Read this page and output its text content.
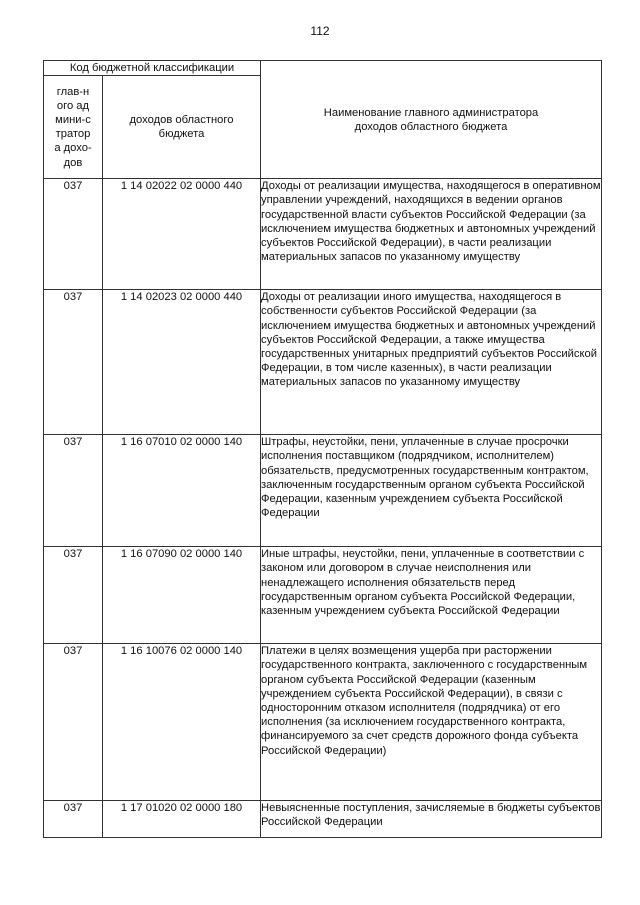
112
Код бюджетной классификации		Наименование главного администратора доходов областного бюджета

глав-ного админи-стратора дохо-дов	доходов областного бюджета	

037	1 14 02022 02 0000 440	Доходы от реализации имущества, находящегося в оперативном управлении учреждений, находящихся в ведении органов государственной власти субъектов Российской Федерации (за исключением имущества бюджетных и автономных учреждений субъектов Российской Федерации), в части реализации материальных запасов по указанному имуществу
037	1 14 02023 02 0000 440	Доходы от реализации иного имущества, находящегося в собственности субъектов Российской Федерации (за исключением имущества бюджетных и автономных учреждений субъектов Российской Федерации, а также имущества государственных унитарных предприятий субъектов Российской Федерации, в том числе казенных), в части реализации материальных запасов по указанному имуществу
037	1 16 07010 02 0000 140	Штрафы, неустойки, пени, уплаченные в случае просрочки исполнения поставщиком (подрядчиком, исполнителем) обязательств, предусмотренных государственным контрактом, заключенным государственным органом субъекта Российской Федерации, казенным учреждением субъекта Российской Федерации
037	1 16 07090 02 0000 140	Иные штрафы, неустойки, пени, уплаченные в соответствии с законом или договором в случае неисполнения или ненадлежащего исполнения обязательств перед государственным органом субъекта Российской Федерации, казенным учреждением субъекта Российской Федерации
037	1 16 10076 02 0000 140	Платежи в целях возмещения ущерба при расторжении государственного контракта, заключенного с государственным органом субъекта Российской Федерации (казенным учреждением субъекта Российской Федерации), в связи с односторонним отказом исполнителя (подрядчика) от его исполнения (за исключением государственного контракта, финансируемого за счет средств дорожного фонда субъекта Российской Федерации)
037	1 17 01020 02 0000 180	Невыясненные поступления, зачисляемые в бюджеты субъектов Российской Федерации
